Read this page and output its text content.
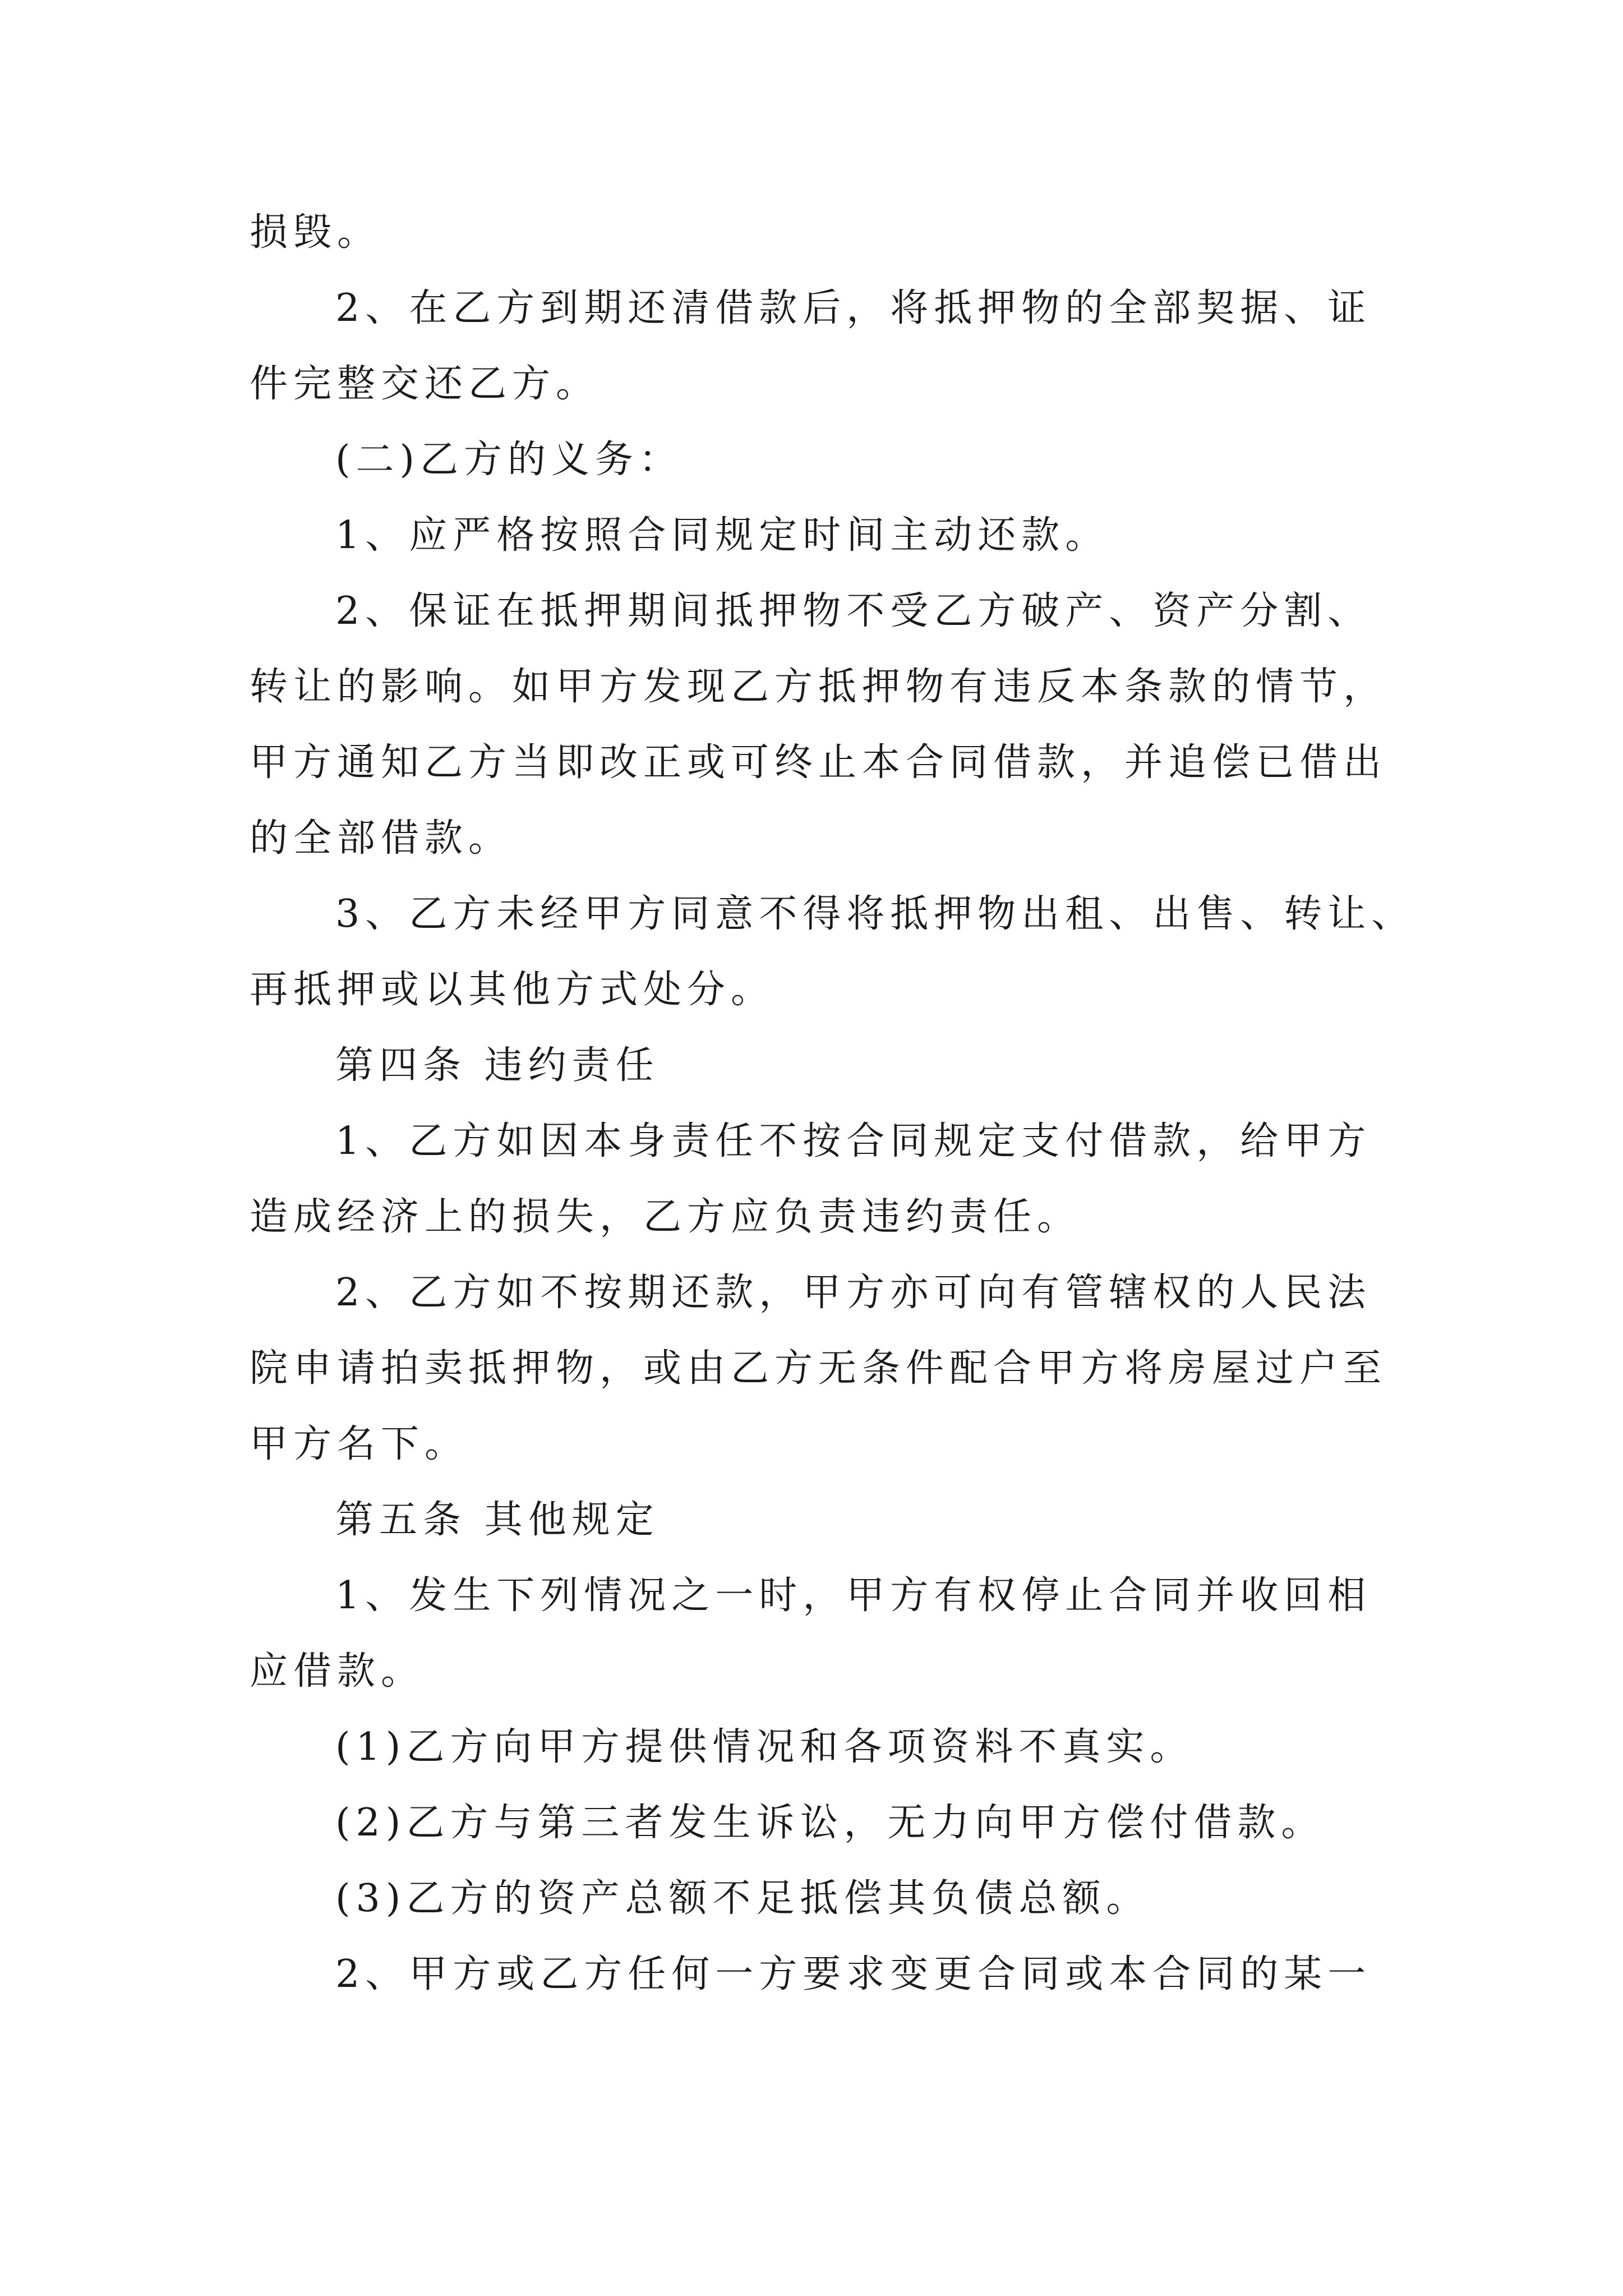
损毁。
2、在乙方到期还清借款后，将抵押物的全部契据、证
件完整交还乙方。
(二)乙方的义务：
1、应严格按照合同规定时间主动还款。
2、保证在抵押期间抵押物不受乙方破产、资产分割、
转让的影响。如甲方发现乙方抵押物有违反本条款的情节，
甲方通知乙方当即改正或可终止本合同借款，并追偿已借出
的全部借款。
3、乙方未经甲方同意不得将抵押物出租、出售、转让、
再抵押或以其他方式处分。
第四条 违约责任
1、乙方如因本身责任不按合同规定支付借款，给甲方
造成经济上的损失，乙方应负责违约责任。
2、乙方如不按期还款，甲方亦可向有管辖权的人民法
院申请拍卖抵押物，或由乙方无条件配合甲方将房屋过户至
甲方名下。
第五条 其他规定
1、发生下列情况之一时，甲方有权停止合同并收回相
应借款。
(1)乙方向甲方提供情况和各项资料不真实。
(2)乙方与第三者发生诉讼，无力向甲方偿付借款。
(3)乙方的资产总额不足抵偿其负债总额。
2、甲方或乙方任何一方要求变更合同或本合同的某一
